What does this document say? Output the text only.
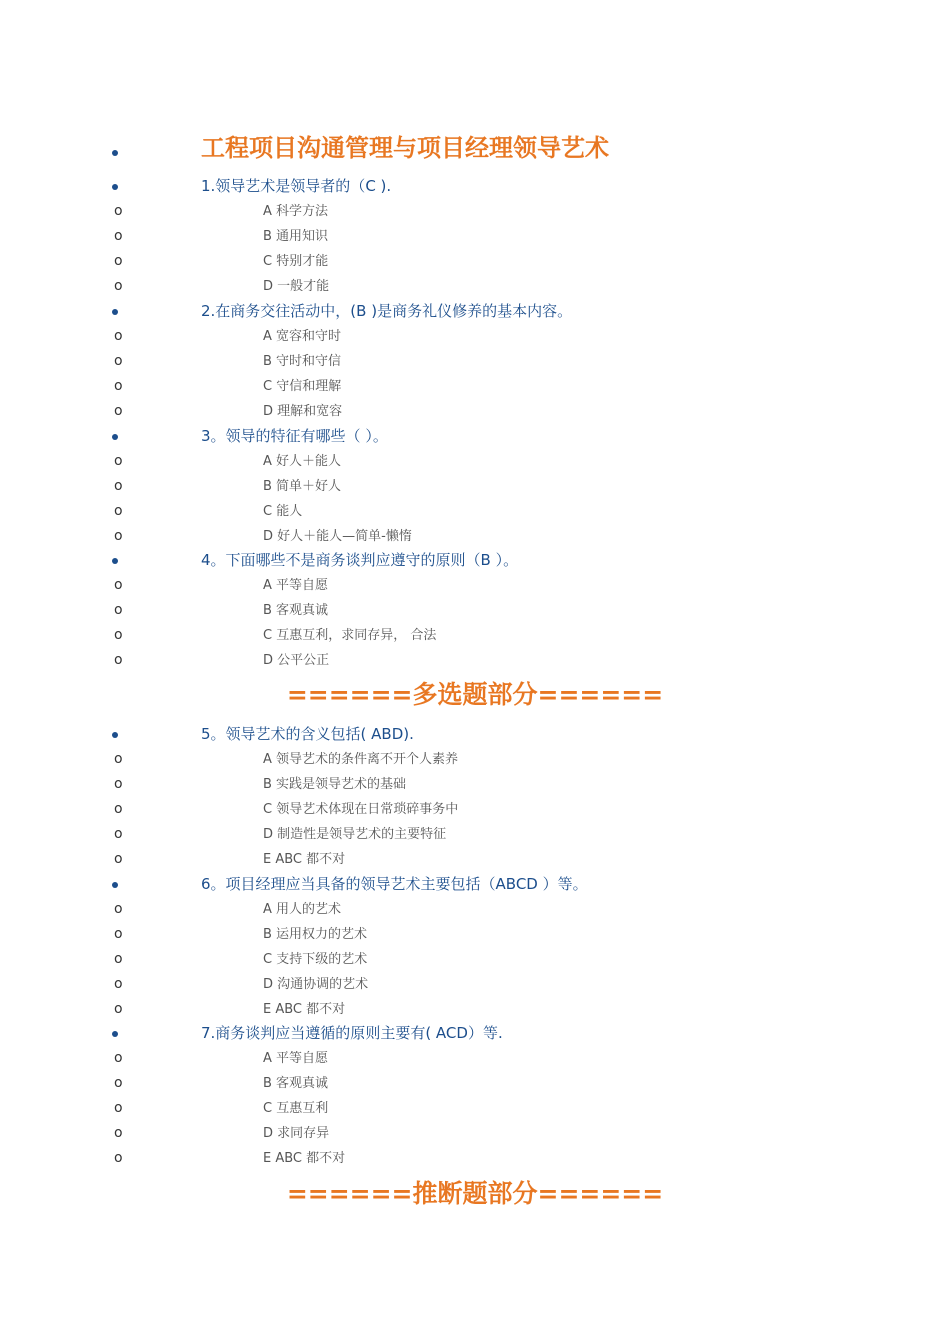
工程项目沟通管理与项目经理领导艺术
1.领导艺术是领导者的（C ).
o	A 科学方法
o	B 通用知识
o	C 特别才能
o	D 一般才能
2.在商务交往活动中，(B )是商务礼仪修养的基本内容。
o	A 宽容和守时
o	B 守时和守信
o	C 守信和理解
o	D 理解和宽容
3。领导的特征有哪些（ ）。
o	A 好人＋能人
o	B 简单＋好人
o	C 能人
o	D 好人＋能人—简单-懒惰
4。下面哪些不是商务谈判应遵守的原则（B ）。
o	A 平等自愿
o	B 客观真诚
o	C 互惠互利，求同存异， 合法
o	D 公平公正
======多选题部分======
5。领导艺术的含义包括( ABD).
o	A 领导艺术的条件离不开个人素养
o	B 实践是领导艺术的基础
o	C 领导艺术体现在日常琐碎事务中
o	D 制造性是领导艺术的主要特征
o	E ABC 都不对
6。项目经理应当具备的领导艺术主要包括（ABCD ）等。
o	A 用人的艺术
o	B 运用权力的艺术
o	C 支持下级的艺术
o	D 沟通协调的艺术
o	E ABC 都不对
7.商务谈判应当遵循的原则主要有( ACD）等.
o	A 平等自愿
o	B 客观真诚
o	C 互惠互利
o	D 求同存异
o	E ABC 都不对
======推断题部分======
